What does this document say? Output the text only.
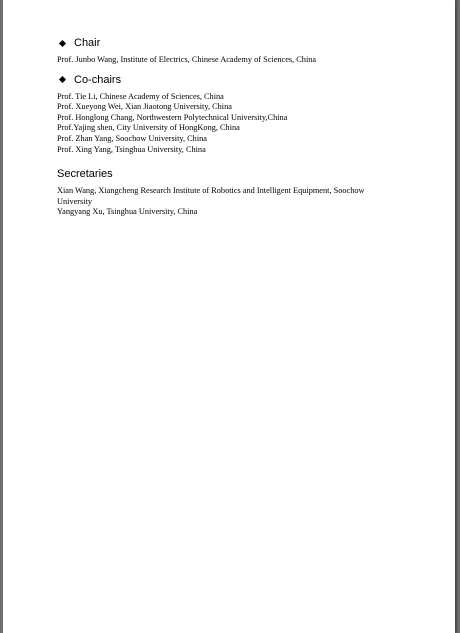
Chair

Prof. Junbo Wang, Institute of Electrics, Chinese Academy of Sciences, China

Co-chairs

Prof. Tie Li, Chinese Academy of Sciences, China

Prof. Xueyong Wei, Xian Jiaotong University, China

Prof. Honglong Chang, Northwestern Polytechnical University,China

Prof.Yajing shen, City University of HongKong, China

Prof. Zhan Yang, Soochow University, China

Prof. Xing Yang, Tsinghua University, China

Secretaries

Xian Wang, Xiangcheng Research Institute of Robotics and Intelligent Equipment, Soochow

University

Yangyang Xu, Tsinghua University, China
